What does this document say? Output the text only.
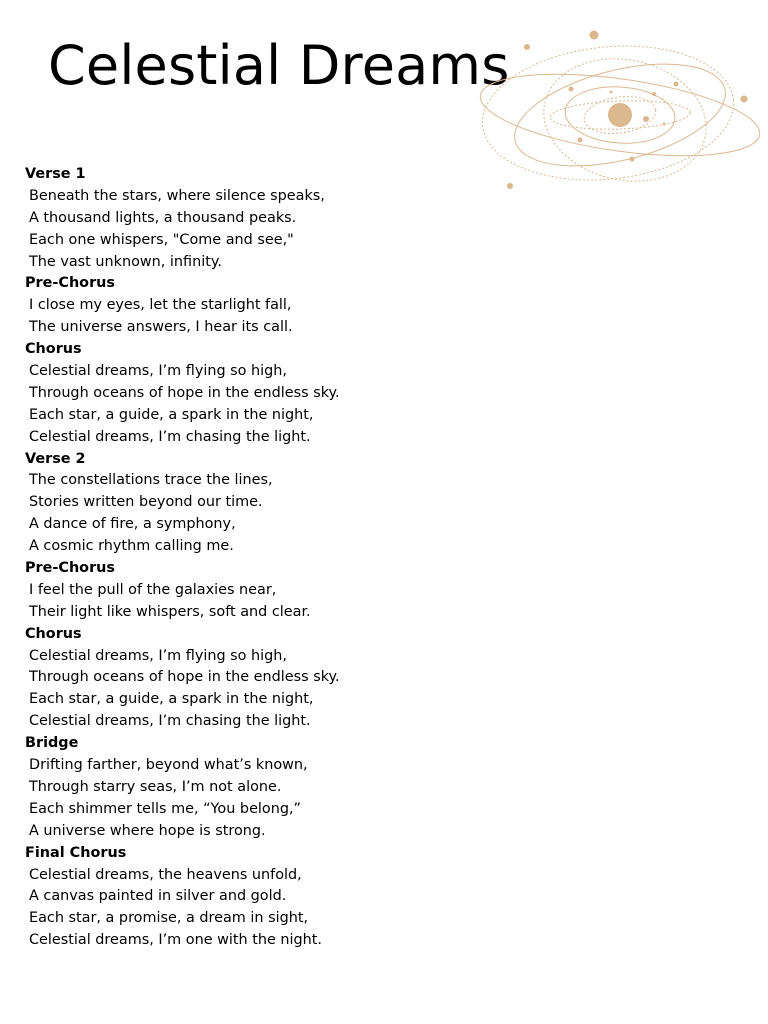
Celestial Dreams
Verse 1
Beneath the stars, where silence speaks,
A thousand lights, a thousand peaks.
Each one whispers, "Come and see,"
The vast unknown, infinity.
Pre-Chorus
I close my eyes, let the starlight fall,
The universe answers, I hear its call.
Chorus
Celestial dreams, I’m flying so high,
Through oceans of hope in the endless sky.
Each star, a guide, a spark in the night,
Celestial dreams, I’m chasing the light.
Verse 2
The constellations trace the lines,
Stories written beyond our time.
A dance of fire, a symphony,
A cosmic rhythm calling me.
Pre-Chorus
I feel the pull of the galaxies near,
Their light like whispers, soft and clear.
Chorus
Celestial dreams, I’m flying so high,
Through oceans of hope in the endless sky.
Each star, a guide, a spark in the night,
Celestial dreams, I’m chasing the light.
Bridge
Drifting farther, beyond what’s known,
Through starry seas, I’m not alone.
Each shimmer tells me, “You belong,”
A universe where hope is strong.
Final Chorus
Celestial dreams, the heavens unfold,
A canvas painted in silver and gold.
Each star, a promise, a dream in sight,
Celestial dreams, I’m one with the night.
